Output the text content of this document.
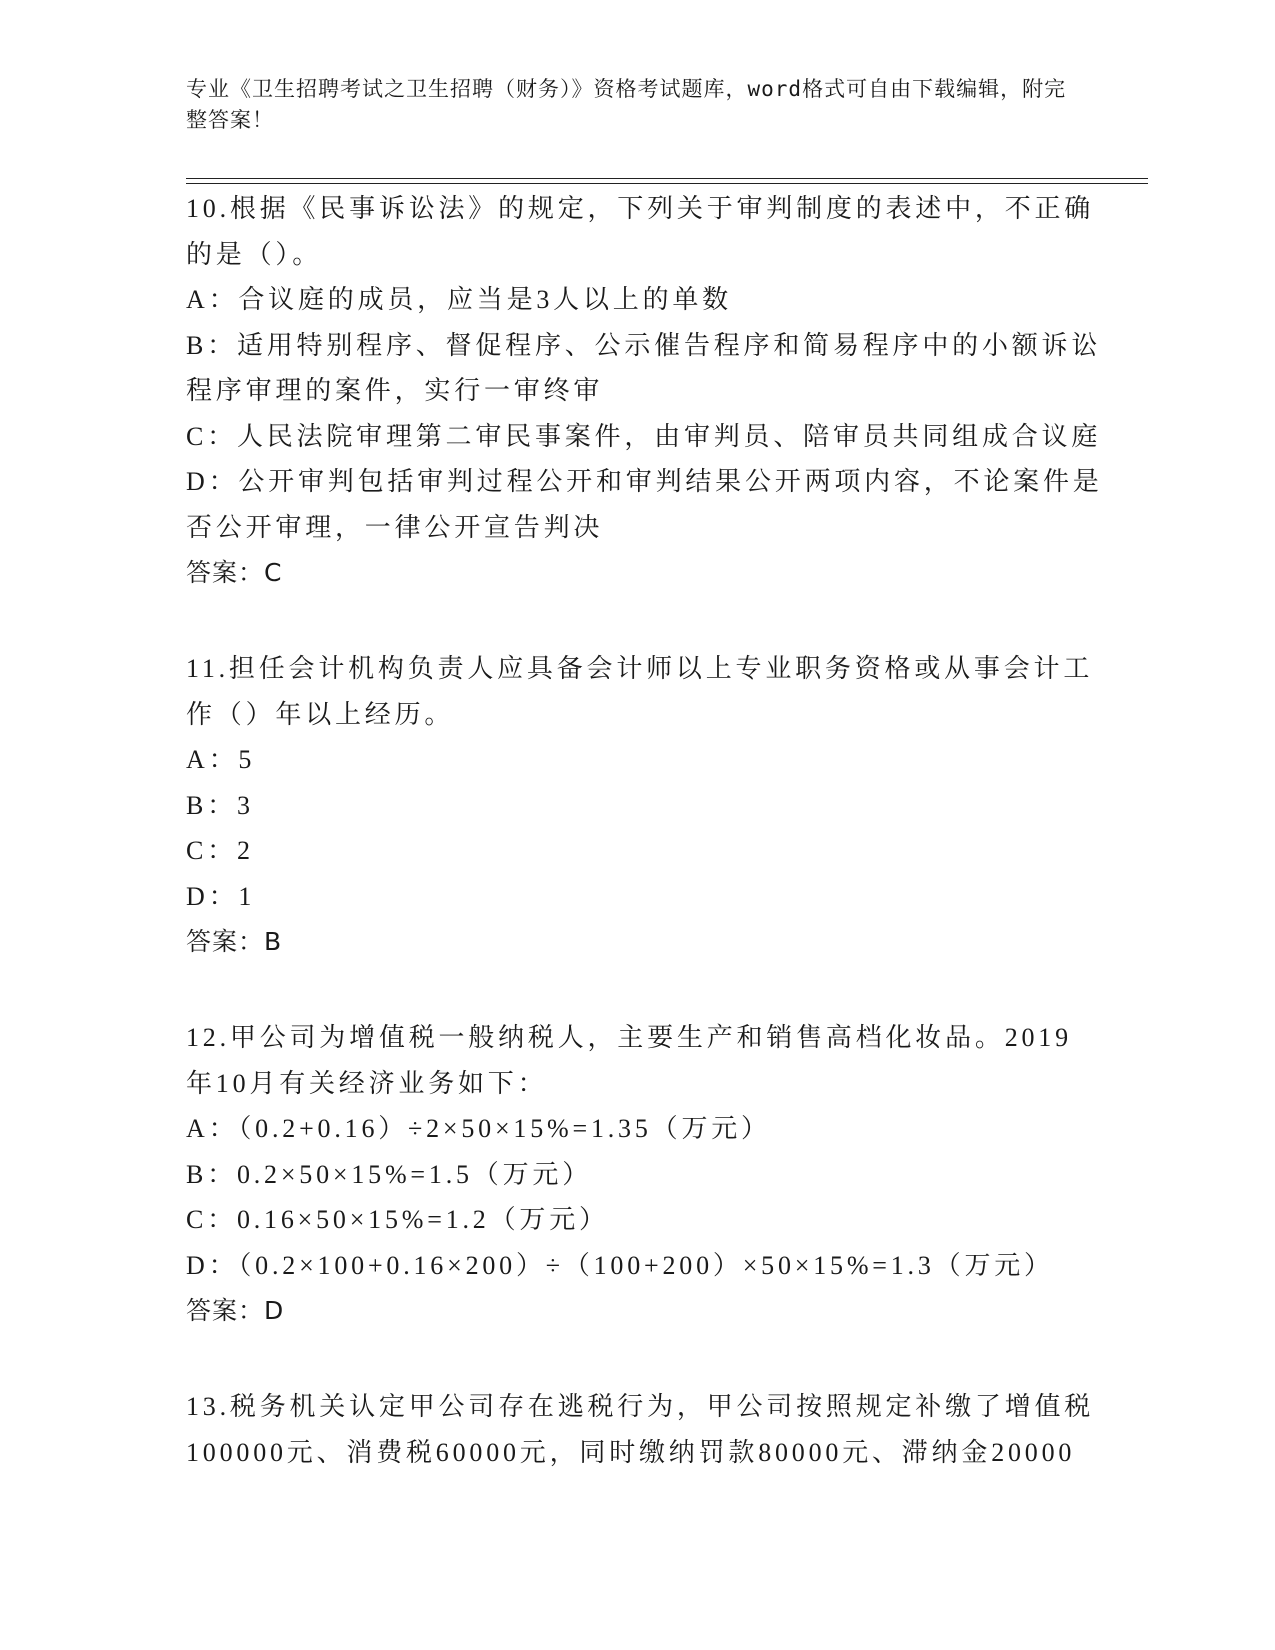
专业《卫生招聘考试之卫生招聘（财务）》资格考试题库，word格式可自由下载编辑，附完整答案！
10.根据《民事诉讼法》的规定，下列关于审判制度的表述中，不正确
的是（）。
A：合议庭的成员，应当是3人以上的单数
B：适用特别程序、督促程序、公示催告程序和简易程序中的小额诉讼
程序审理的案件，实行一审终审
C：人民法院审理第二审民事案件，由审判员、陪审员共同组成合议庭
D：公开审判包括审判过程公开和审判结果公开两项内容，不论案件是
否公开审理，一律公开宣告判决
答案：C
11.担任会计机构负责人应具备会计师以上专业职务资格或从事会计工
作（）年以上经历。
A：5
B：3
C：2
D：1
答案：B
12.甲公司为增值税一般纳税人，主要生产和销售高档化妆品。2019
年10月有关经济业务如下：
A：（0.2+0.16）÷2×50×15%=1.35（万元）
B：0.2×50×15%=1.5（万元）
C：0.16×50×15%=1.2（万元）
D：（0.2×100+0.16×200）÷（100+200）×50×15%=1.3（万元）
答案：D
13.税务机关认定甲公司存在逃税行为，甲公司按照规定补缴了增值税
100000元、消费税60000元，同时缴纳罚款80000元、滞纳金20000
